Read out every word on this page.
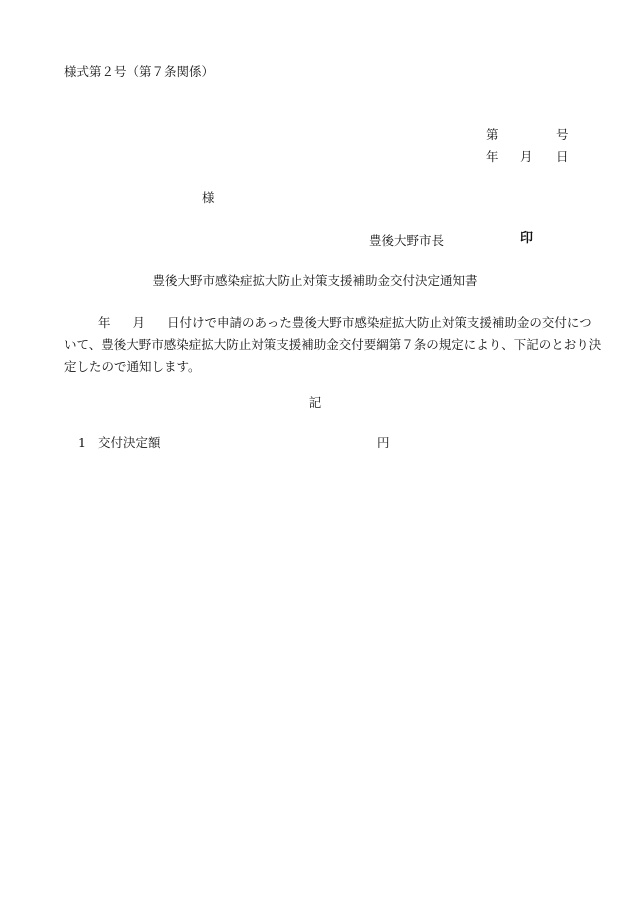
様式第２号（第７条関係）
第	号
年 月 日
様
豊後大野市長	印
豊後大野市感染症拡大防止対策支援補助金交付決定通知書
年 月 日付けで申請のあった豊後大野市感染症拡大防止対策支援補助金の交付につ
いて、豊後大野市感染症拡大防止対策支援補助金交付要綱第７条の規定により、下記のとおり決
定したので通知します。
記
1 交付決定額	円
